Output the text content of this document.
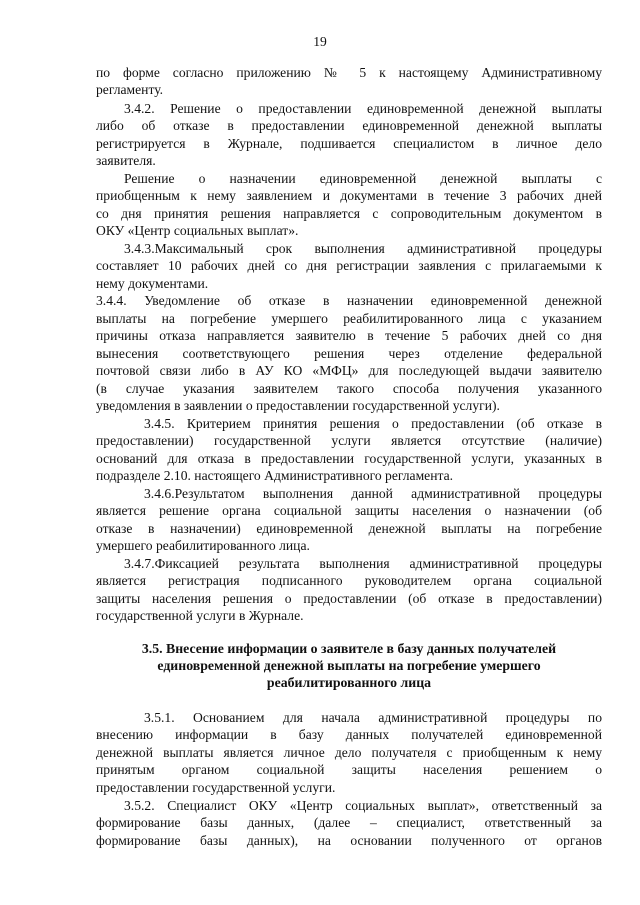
19
по форме согласно приложению № 5 к настоящему Административному
регламенту.
3.4.2. Решение о предоставлении единовременной денежной выплаты
либо об отказе в предоставлении единовременной денежной выплаты
регистрируется в Журнале, подшивается специалистом в личное дело
заявителя.
Решение о назначении единовременной денежной выплаты с
приобщенным к нему заявлением и документами в течение 3 рабочих дней
со дня принятия решения направляется с сопроводительным документом в
ОКУ «Центр социальных выплат».
3.4.3.Максимальный срок выполнения административной процедуры
составляет 10 рабочих дней со дня регистрации заявления с прилагаемыми к
нему документами.
3.4.4. Уведомление об отказе в назначении единовременной денежной
выплаты на погребение умершего реабилитированного лица с указанием
причины отказа направляется заявителю в течение 5 рабочих дней со дня
вынесения соответствующего решения через отделение федеральной
почтовой связи либо в АУ КО «МФЦ» для последующей выдачи заявителю
(в случае указания заявителем такого способа получения указанного
уведомления в заявлении о предоставлении государственной услуги).
3.4.5. Критерием принятия решения о предоставлении (об отказе в
предоставлении) государственной услуги является отсутствие (наличие)
оснований для отказа в предоставлении государственной услуги, указанных в
подразделе 2.10. настоящего Административного регламента.
3.4.6.Результатом выполнения данной административной процедуры
является решение органа социальной защиты населения о назначении (об
отказе в назначении) единовременной денежной выплаты на погребение
умершего реабилитированного лица.
3.4.7.Фиксацией результата выполнения административной процедуры
является регистрация подписанного руководителем органа социальной
защиты населения решения о предоставлении (об отказе в предоставлении)
государственной услуги в Журнале.
3.5. Внесение информации о заявителе в базу данных получателей
единовременной денежной выплаты на погребение умершего
реабилитированного лица
3.5.1. Основанием для начала административной процедуры по
внесению информации в базу данных получателей единовременной
денежной выплаты является личное дело получателя с приобщенным к нему
принятым органом социальной защиты населения решением о
предоставлении государственной услуги.
3.5.2. Специалист ОКУ «Центр социальных выплат», ответственный за
формирование базы данных, (далее – специалист, ответственный за
формирование базы данных), на основании полученного от органов
